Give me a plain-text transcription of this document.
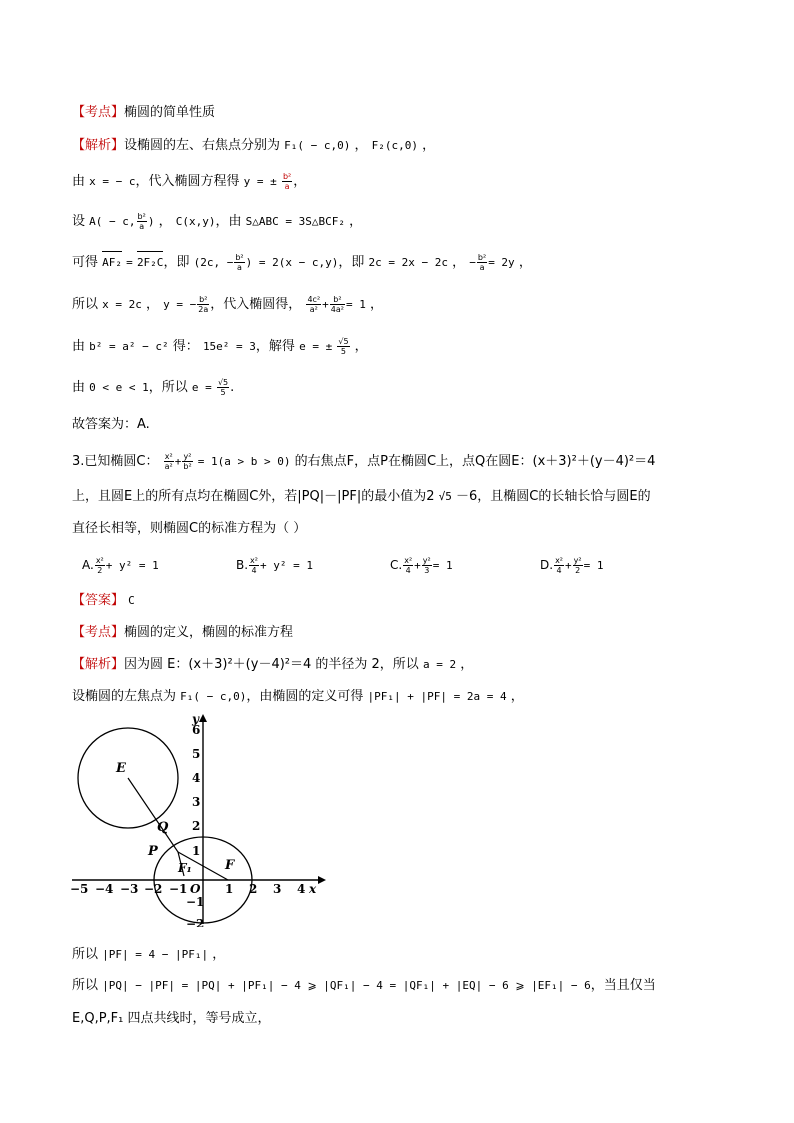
【考点】椭圆的简单性质
【解析】设椭圆的左、右焦点分别为 F₁( − c,0) ， F₂(c,0) ，
由 x = − c，代入椭圆方程得 y = ± $\frac{\text{b²}}{a}$ ，
设 A( − c, $\frac{\text{b²}}{a}$ ) ， C(x,y)，由 S△ABC = 3S△BCF₂ ，
可得 AF₂ = 2F₂C，即 (2c, − $\frac{\text{b²}}{a}$ ) = 2(x − c,y)，即 2c = 2x − 2c ， − $\frac{\text{b²}}{a} = 2y$ ，
所以 x = 2c ， y = − $\frac{\text{b²}}{2a}$ ，代入椭圆得， $\frac{\text{4c²}}{\text{a²}} + \frac{\text{b²}}{\text{4a²}} = 1$ ，
由 b² = a² − c² 得： 15e² = 3，解得 e = ± $\frac{√5}{5}$ ，
由 0 < e < 1，所以 $e = \frac{√5}{5}$ .
故答案为：A.
3.已知椭圆C： $\frac{\text{x²}}{\text{a²}} + \frac{\text{y²}}{\text{b²}} = 1(a > b > 0)$ 的右焦点F，点P在椭圆C上，点Q在圆E：(x＋3)²＋(y－4)²＝4
上，且圆E上的所有点均在椭圆C外，若|PQ|－|PF|的最小值为2 √5 －6，且椭圆C的长轴长恰与圆E的
直径长相等，则椭圆C的标准方程为（ ）
A. $\frac{\text{x²}}{2} + y^2 = 1$	B. $\frac{\text{x²}}{4} + y^2 = 1$	C. $\frac{\text{x²}}{4} + \frac{\text{y²}}{3} = 1$	D. $\frac{\text{x²}}{4} + \frac{\text{y²}}{2} = 1$
【答案】 C
【考点】椭圆的定义，椭圆的标准方程
【解析】因为圆 E：(x＋3)²＋(y－4)²＝4 的半径为 2，所以 a = 2 ，
设椭圆的左焦点为 F₁( − c,0)，由椭圆的定义可得 |PF₁| + |PF| = 2a = 4 ，
−5 −4 −3 −2 −1 O 1 2 3 4 x
6
5
4
3
2
1
−1
−2
y
E
Q
P
F₁	F
所以 |PF| = 4 − |PF₁| ，
所以 |PQ| − |PF| = |PQ| + |PF₁| − 4 ⩾ |QF₁| − 4 = |QF₁| + |EQ| − 6 ⩾ |EF₁| − 6，当且仅当
E,Q,P,F₁ 四点共线时，等号成立，
